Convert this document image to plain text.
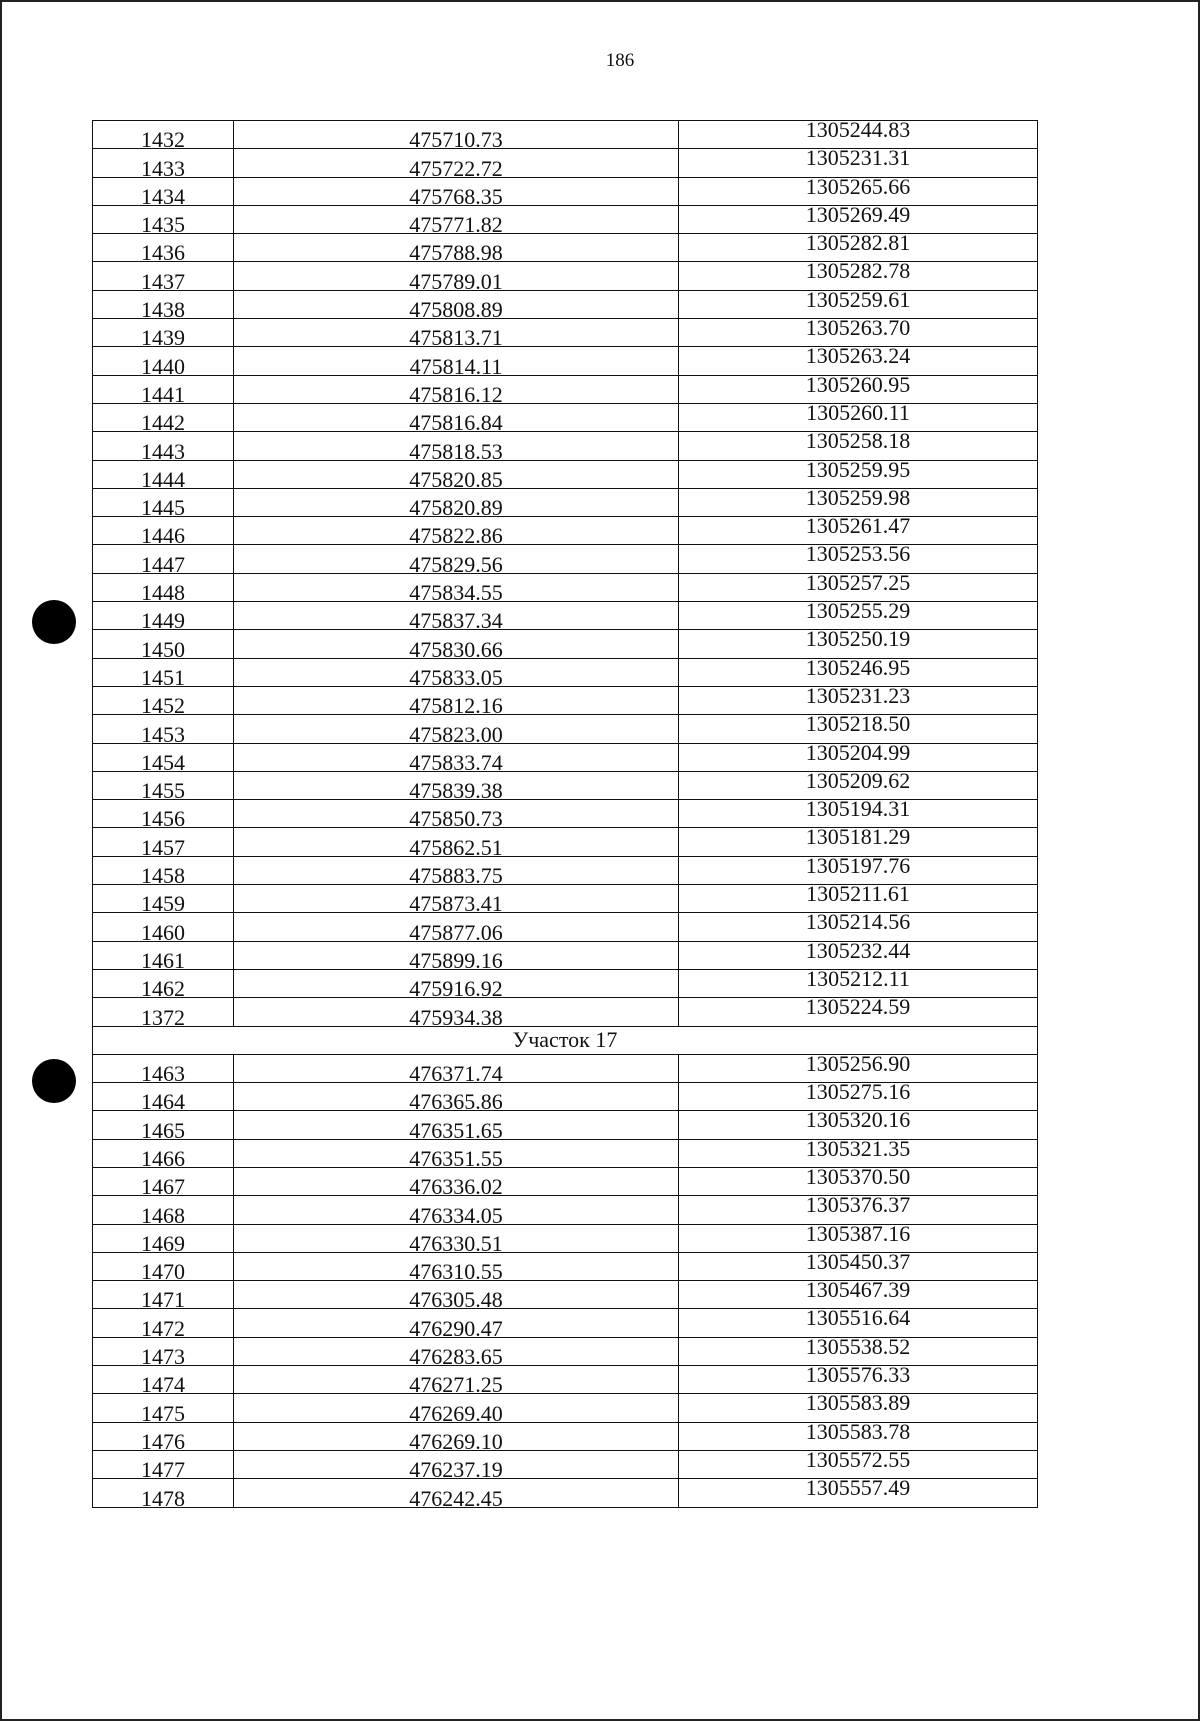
186
1432	475710.73	1305244.83
1433	475722.72	1305231.31
1434	475768.35	1305265.66
1435	475771.82	1305269.49
1436	475788.98	1305282.81
1437	475789.01	1305282.78
1438	475808.89	1305259.61
1439	475813.71	1305263.70
1440	475814.11	1305263.24
1441	475816.12	1305260.95
1442	475816.84	1305260.11
1443	475818.53	1305258.18
1444	475820.85	1305259.95
1445	475820.89	1305259.98
1446	475822.86	1305261.47
1447	475829.56	1305253.56
1448	475834.55	1305257.25
1449	475837.34	1305255.29
1450	475830.66	1305250.19
1451	475833.05	1305246.95
1452	475812.16	1305231.23
1453	475823.00	1305218.50
1454	475833.74	1305204.99
1455	475839.38	1305209.62
1456	475850.73	1305194.31
1457	475862.51	1305181.29
1458	475883.75	1305197.76
1459	475873.41	1305211.61
1460	475877.06	1305214.56
1461	475899.16	1305232.44
1462	475916.92	1305212.11
1372	475934.38	1305224.59
Участок 17		
1463	476371.74	1305256.90
1464	476365.86	1305275.16
1465	476351.65	1305320.16
1466	476351.55	1305321.35
1467	476336.02	1305370.50
1468	476334.05	1305376.37
1469	476330.51	1305387.16
1470	476310.55	1305450.37
1471	476305.48	1305467.39
1472	476290.47	1305516.64
1473	476283.65	1305538.52
1474	476271.25	1305576.33
1475	476269.40	1305583.89
1476	476269.10	1305583.78
1477	476237.19	1305572.55
1478	476242.45	1305557.49
